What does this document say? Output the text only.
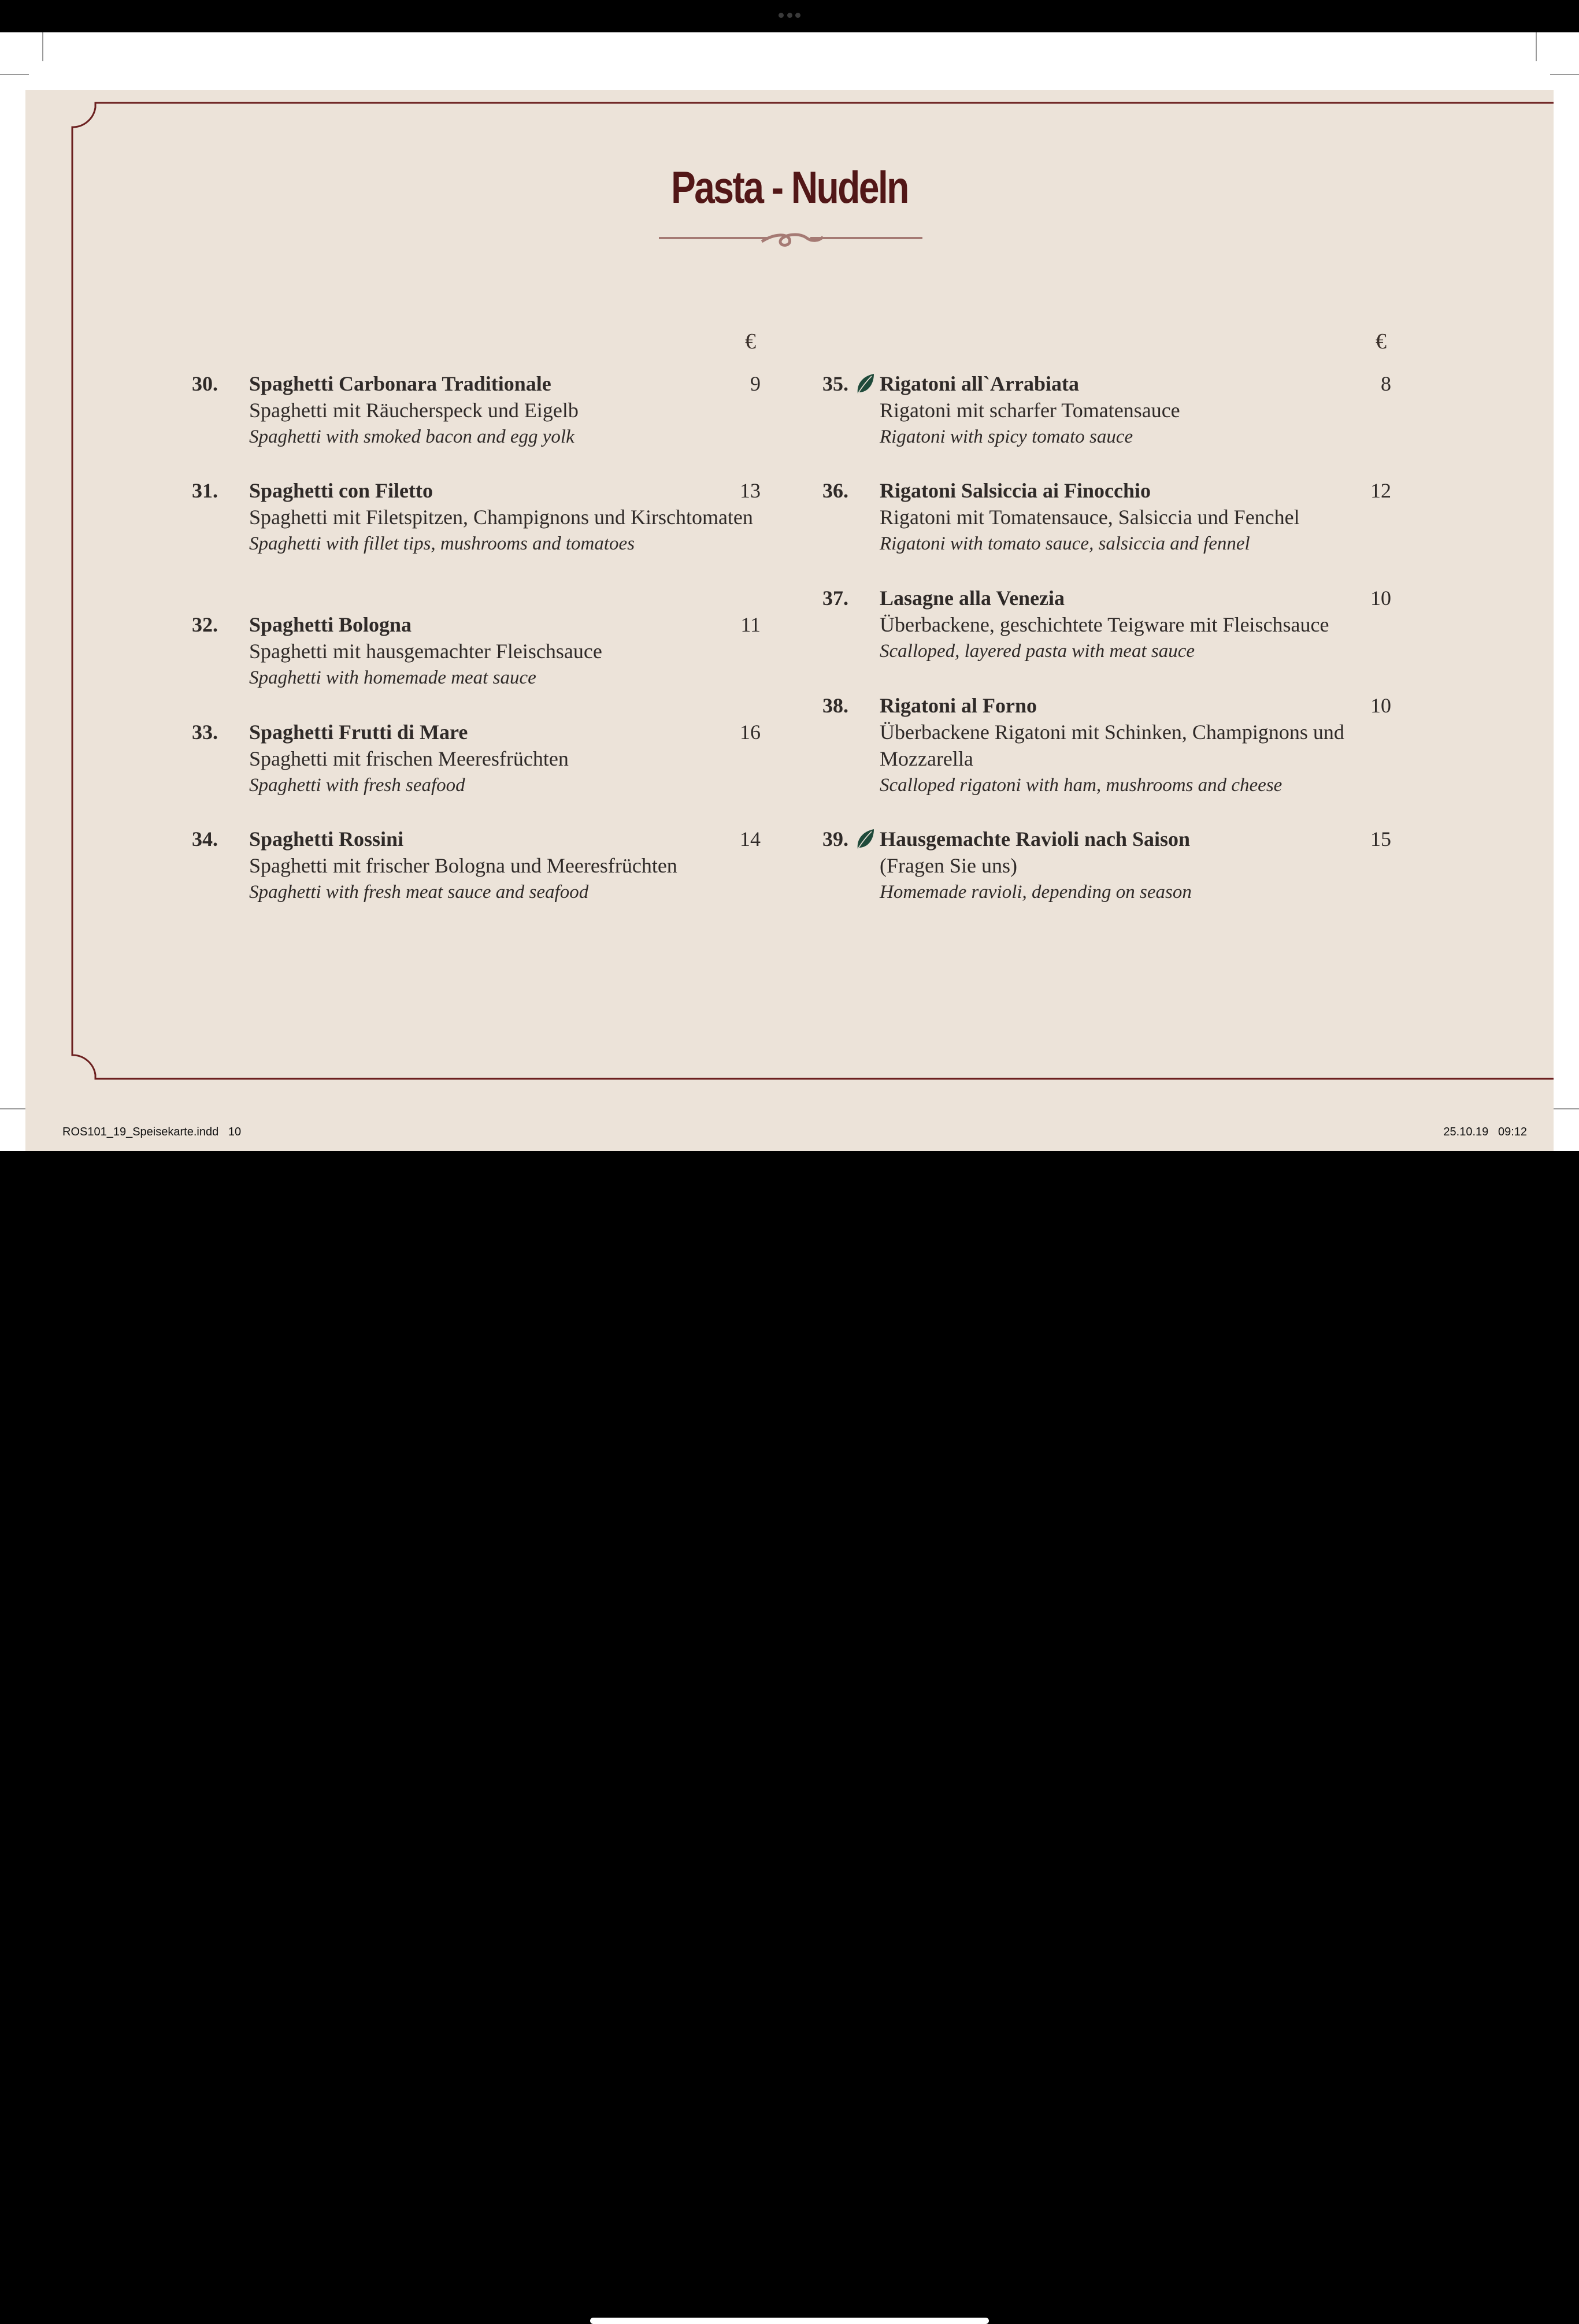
Pasta - Nudeln
€	€
30. Spaghetti Carbonara Traditionale
Spaghetti mit Räucherspeck und Eigelb
Spaghetti with smoked bacon and egg yolk
9
31. Spaghetti con Filetto
Spaghetti mit Filetspitzen, Champignons und Kirschtomaten
Spaghetti with fillet tips, mushrooms and tomatoes
13
32. Spaghetti Bologna
Spaghetti mit hausgemachter Fleischsauce
Spaghetti with homemade meat sauce
11
33. Spaghetti Frutti di Mare
Spaghetti mit frischen Meeresfrüchten
Spaghetti with fresh seafood
16
34. Spaghetti Rossini
Spaghetti mit frischer Bologna und Meeresfrüchten
Spaghetti with fresh meat sauce and seafood
14
35. Rigatoni all`Arrabiata
Rigatoni mit scharfer Tomatensauce
Rigatoni with spicy tomato sauce
8
36. Rigatoni Salsiccia ai Finocchio
Rigatoni mit Tomatensauce, Salsiccia und Fenchel
Rigatoni with tomato sauce, salsiccia and fennel
12
37. Lasagne alla Venezia
Überbackene, geschichtete Teigware mit Fleischsauce
Scalloped, layered pasta with meat sauce
10
38. Rigatoni al Forno
Überbackene Rigatoni mit Schinken, Champignons und Mozzarella
Scalloped rigatoni with ham, mushrooms and cheese
10
39. Hausgemachte Ravioli nach Saison
(Fragen Sie uns)
Homemade ravioli, depending on season
15
ROS101_19_Speisekarte.indd   10	25.10.19   09:12
